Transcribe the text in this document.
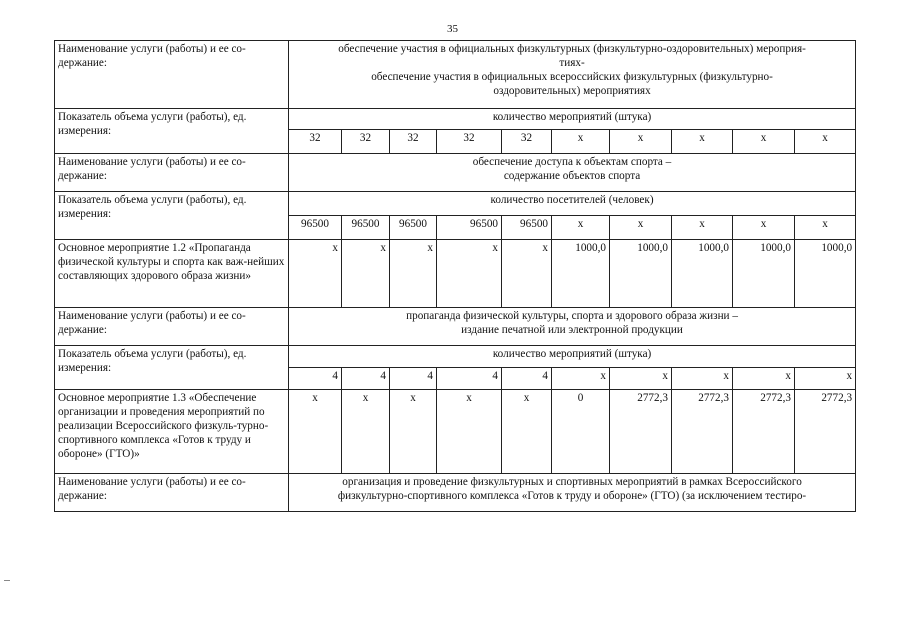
35
Наименование услуги (работы) и ее со-держание:	обеспечение участия в официальных физкультурных (физкультурно-оздоровительных) мероприя-
тиях-
обеспечение участия в официальных всероссийских физкультурных (физкультурно-
оздоровительных) мероприятиях									

Показатель объема услуги (работы), ед. измерения:	количество мероприятий (штука)									
	32	32	32	32	32	x	x	x	x	x
Наименование услуги (работы) и ее со-держание:	обеспечение доступа к объектам спорта –
содержание объектов спорта									

Показатель объема услуги (работы), ед. измерения:	количество посетителей (человек)									
	96500	96500	96500	96500	96500	x	x	x	x	x
Основное мероприятие 1.2 «Пропаганда физической культуры и спорта как важ-нейших составляющих здорового образа жизни»	x	x	x	x	x	1000,0	1000,0	1000,0	1000,0	1000,0
Наименование услуги (работы) и ее со-держание:	пропаганда физической культуры, спорта и здорового образа жизни –
издание печатной или электронной продукции									

Показатель объема услуги (работы), ед. измерения:	количество мероприятий (штука)									
	4	4	4	4	4	x	x	x	x	x
Основное мероприятие 1.3 «Обеспечение организации и проведения мероприятий по реализации Всероссийского физкуль-турно-спортивного комплекса «Готов к труду и обороне» (ГТО)»	x	x	x	x	x	0	2772,3	2772,3	2772,3	2772,3
Наименование услуги (работы) и ее со-держание:	организация и проведение физкультурных и спортивных мероприятий в рамках Всероссийского
физкультурно-спортивного комплекса «Готов к труду и обороне» (ГТО) (за исключением тестиро-									
